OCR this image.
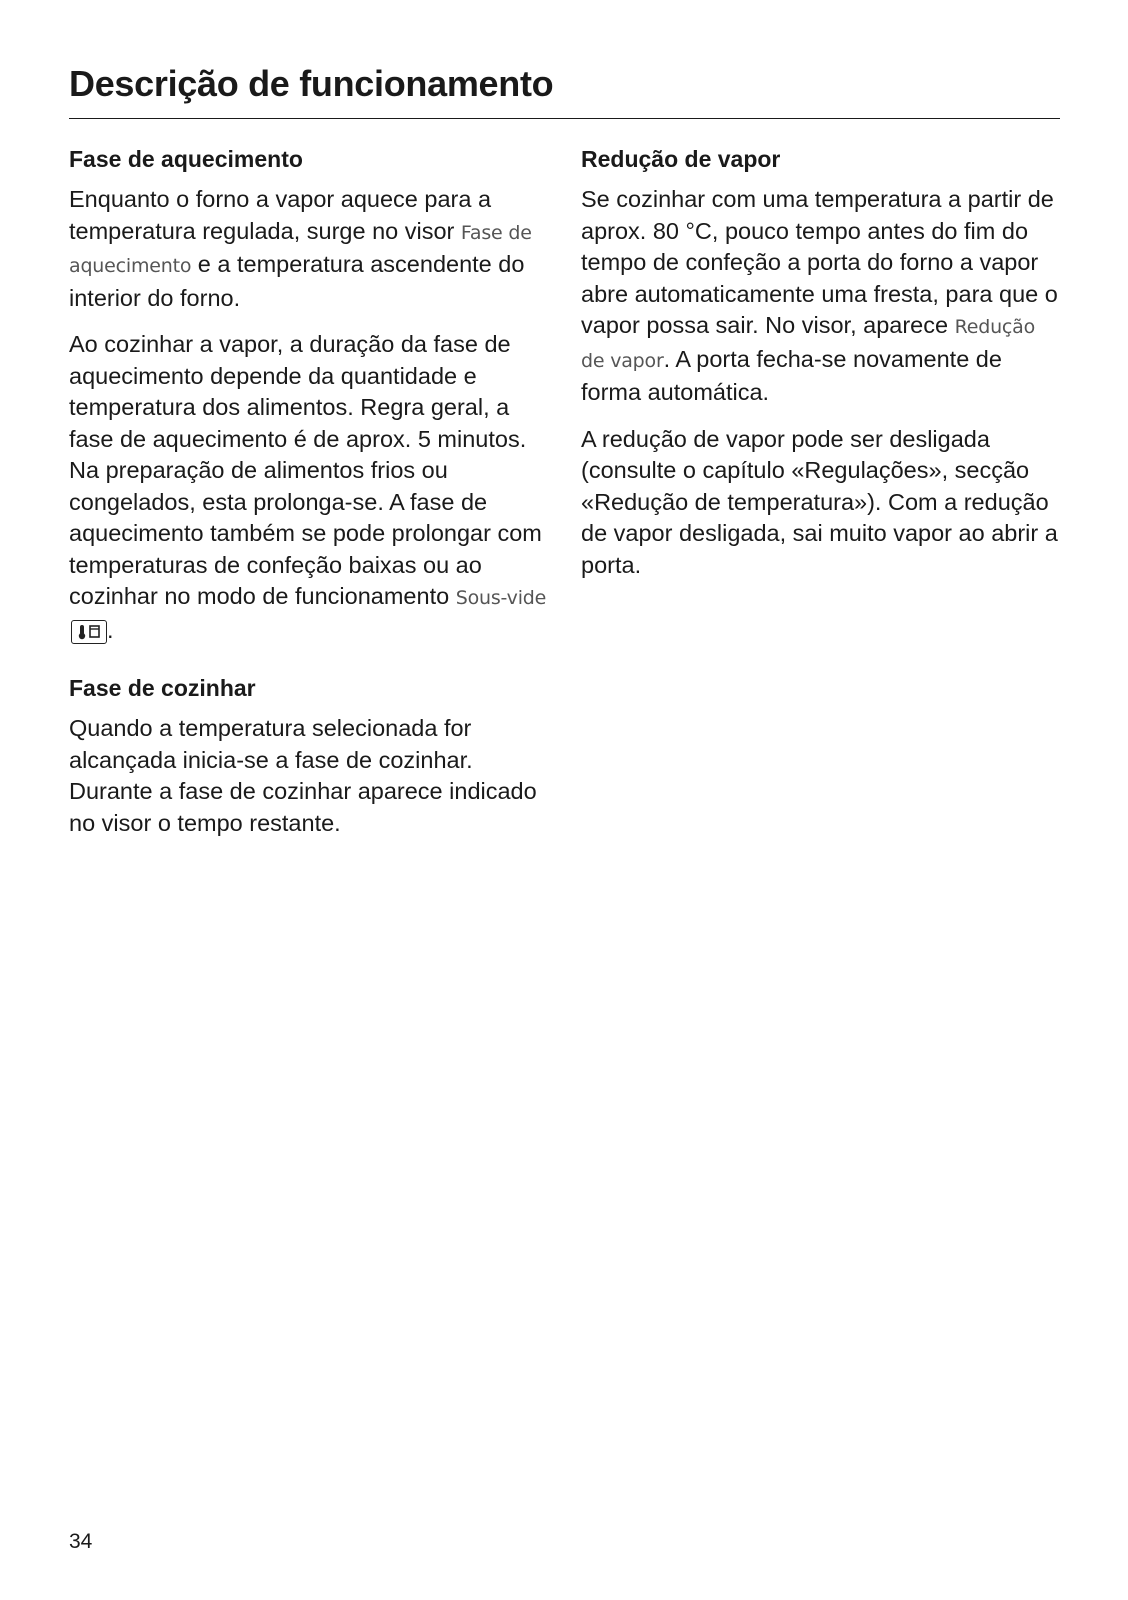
Descrição de funcionamento
Fase de aquecimento

Enquanto o forno a vapor aquece para a temperatura regulada, surge no visor Fase de aquecimento e a temperatura ascendente do interior do forno.

Ao cozinhar a vapor, a duração da fase de aquecimento depende da quantidade e temperatura dos alimentos. Regra geral, a fase de aquecimento é de aprox. 5 minutos. Na preparação de alimentos frios ou congelados, esta prolonga-se. A fase de aquecimento também se pode prolongar com temperaturas de confeção baixas ou ao cozinhar no modo de funcionamento Sous-vide
.

Fase de cozinhar

Quando a temperatura selecionada for alcançada inicia-se a fase de cozinhar. Durante a fase de cozinhar aparece indicado no visor o tempo restante.

Redução de vapor

Se cozinhar com uma temperatura a partir de aprox. 80 °C, pouco tempo antes do fim do tempo de confeção a porta do forno a vapor abre automaticamente uma fresta, para que o vapor possa sair. No visor, aparece Redução de vapor. A porta fecha-se novamente de forma automática.

A redução de vapor pode ser desligada (consulte o capítulo «Regulações», secção «Redução de temperatura»). Com a redução de vapor desligada, sai muito vapor ao abrir a porta.

34
